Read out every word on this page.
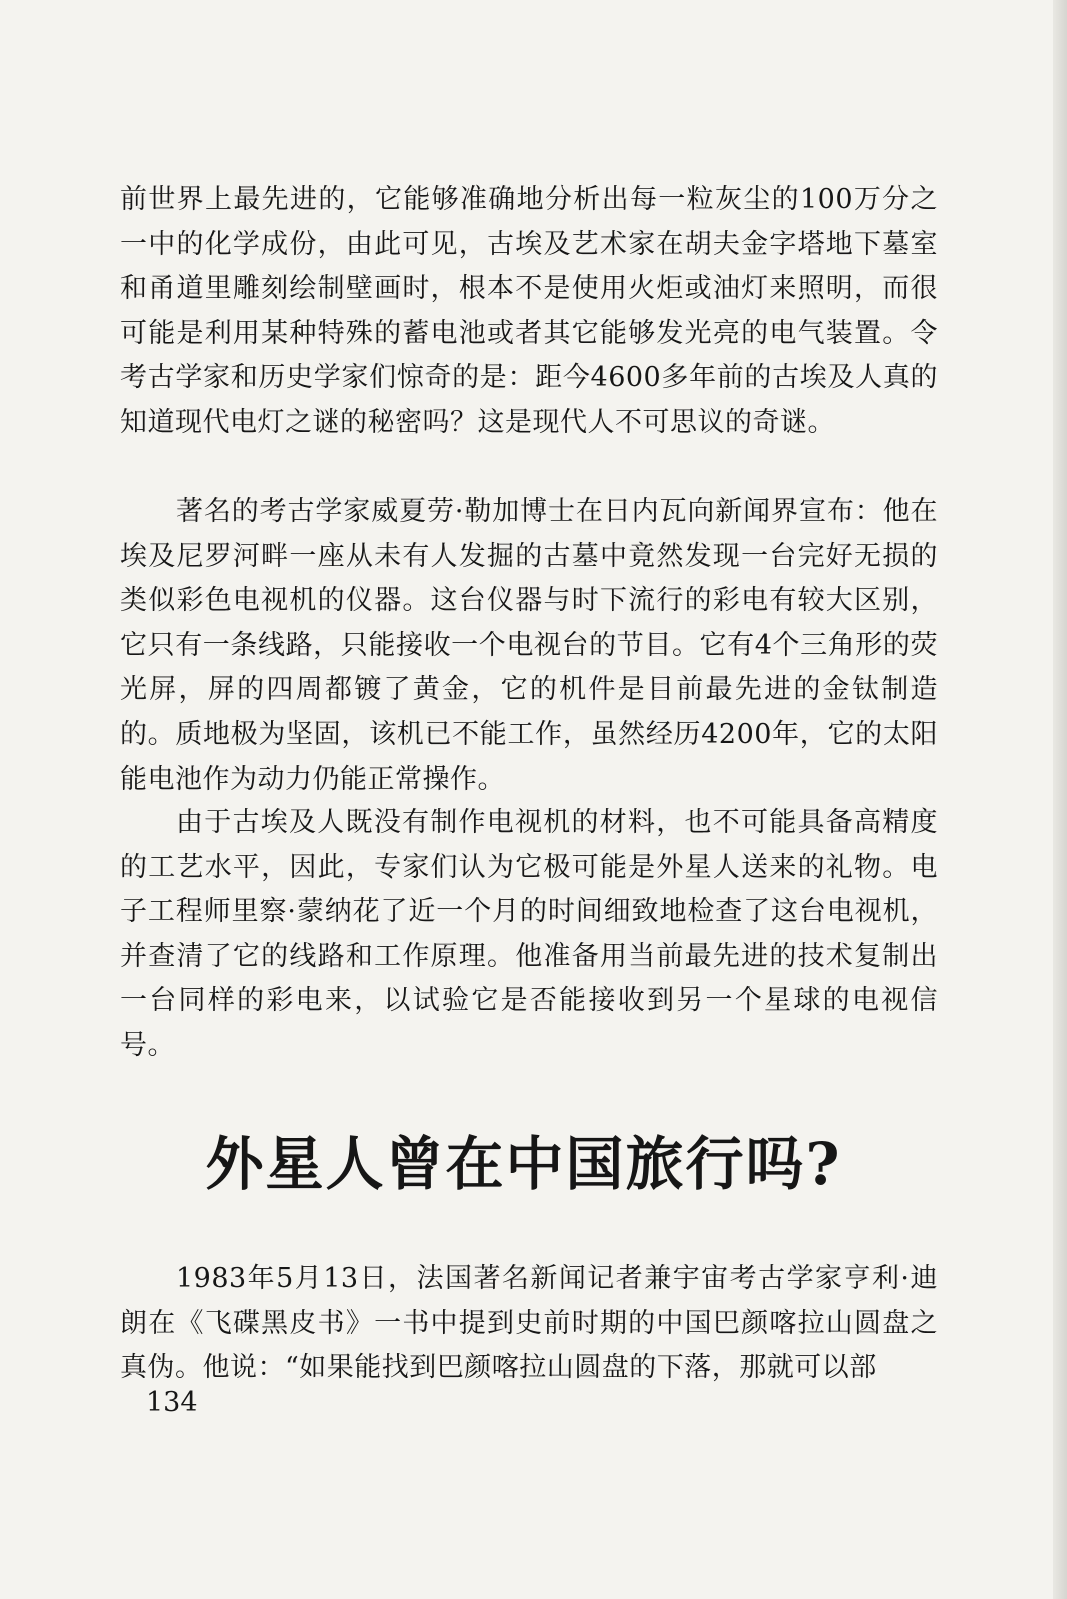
前世界上最先进的，它能够准确地分析出每一粒灰尘的100万分之一中的化学成份，由此可见，古埃及艺术家在胡夫金字塔地下墓室和甬道里雕刻绘制壁画时，根本不是使用火炬或油灯来照明，而很可能是利用某种特殊的蓄电池或者其它能够发光亮的电气装置。令考古学家和历史学家们惊奇的是：距今4600多年前的古埃及人真的知道现代电灯之谜的秘密吗？这是现代人不可思议的奇谜。

著名的考古学家威夏劳·勒加博士在日内瓦向新闻界宣布：他在埃及尼罗河畔一座从未有人发掘的古墓中竟然发现一台完好无损的类似彩色电视机的仪器。这台仪器与时下流行的彩电有较大区别，它只有一条线路，只能接收一个电视台的节目。它有4个三角形的荧光屏，屏的四周都镀了黄金，它的机件是目前最先进的金钛制造的。质地极为坚固，该机已不能工作，虽然经历4200年，它的太阳能电池作为动力仍能正常操作。

由于古埃及人既没有制作电视机的材料，也不可能具备高精度的工艺水平，因此，专家们认为它极可能是外星人送来的礼物。电子工程师里察·蒙纳花了近一个月的时间细致地检查了这台电视机，并查清了它的线路和工作原理。他准备用当前最先进的技术复制出一台同样的彩电来，以试验它是否能接收到另一个星球的电视信号。

外星人曾在中国旅行吗?

1983年5月13日，法国著名新闻记者兼宇宙考古学家亨利·迪朗在《飞碟黑皮书》一书中提到史前时期的中国巴颜喀拉山圆盘之真伪。他说：“如果能找到巴颜喀拉山圆盘的下落，那就可以部

134
